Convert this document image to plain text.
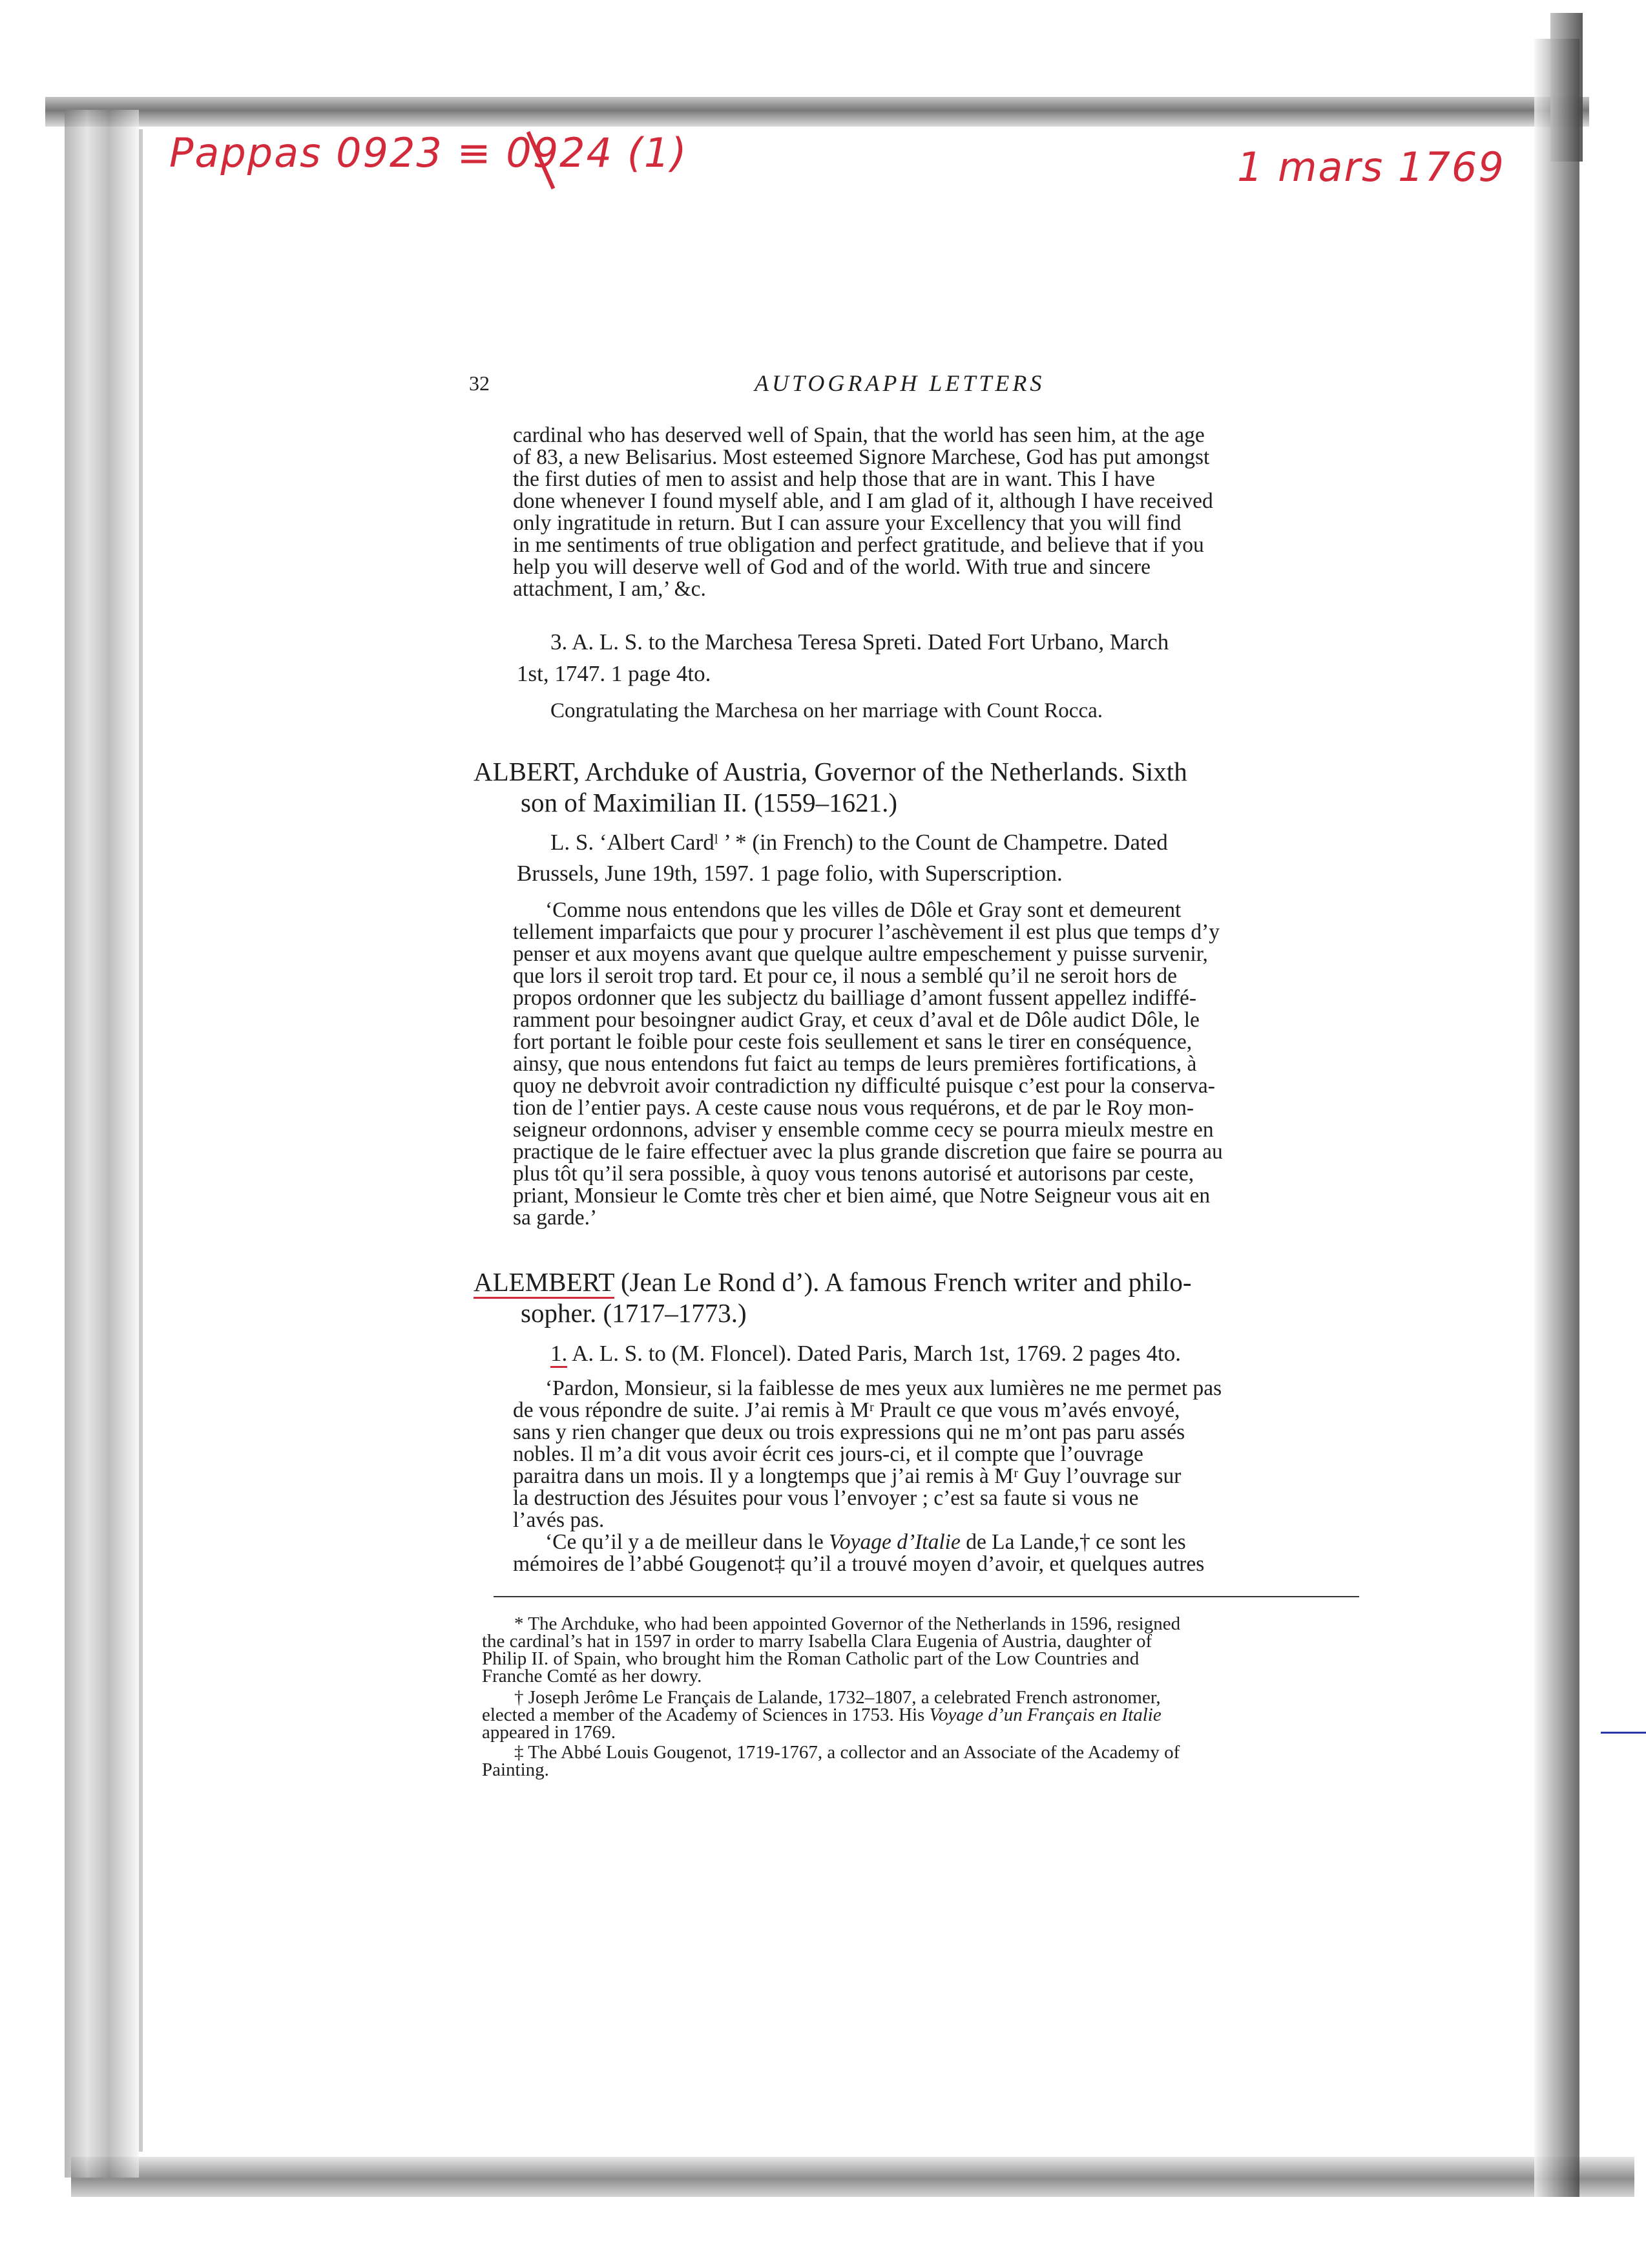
Pappas 0923 ≡ 0924 (1)	1 mars 1769
32	AUTOGRAPH LETTERS

cardinal who has deserved well of Spain, that the world has seen him, at the age

of 83, a new Belisarius. Most esteemed Signore Marchese, God has put amongst

the first duties of men to assist and help those that are in want. This I have

done whenever I found myself able, and I am glad of it, although I have received

only ingratitude in return. But I can assure your Excellency that you will find

in me sentiments of true obligation and perfect gratitude, and believe that if you

help you will deserve well of God and of the world. With true and sincere

attachment, I am,’ &c.

3. A. L. S. to the Marchesa Teresa Spreti. Dated Fort Urbano, March
1st, 1747. 1 page 4to.
Congratulating the Marchesa on her marriage with Count Rocca.
ALBERT, Archduke of Austria, Governor of the Netherlands. Sixth
son of Maximilian II. (1559–1621.)
L. S. ‘Albert Cardˡ ’ * (in French) to the Count de Champetre. Dated
Brussels, June 19th, 1597. 1 page folio, with Superscription.

‘Comme nous entendons que les villes de Dôle et Gray sont et demeurent

tellement imparfaicts que pour y procurer l’aschèvement il est plus que temps d’y

penser et aux moyens avant que quelque aultre empeschement y puisse survenir,

que lors il seroit trop tard. Et pour ce, il nous a semblé qu’il ne seroit hors de

propos ordonner que les subjectz du bailliage d’amont fussent appellez indiffé-

ramment pour besoingner audict Gray, et ceux d’aval et de Dôle audict Dôle, le

fort portant le foible pour ceste fois seullement et sans le tirer en conséquence,

ainsy, que nous entendons fut faict au temps de leurs premières fortifications, à

quoy ne debvroit avoir contradiction ny difficulté puisque c’est pour la conserva-

tion de l’entier pays. A ceste cause nous vous requérons, et de par le Roy mon-

seigneur ordonnons, adviser y ensemble comme cecy se pourra mieulx mestre en

practique de le faire effectuer avec la plus grande discretion que faire se pourra au

plus tôt qu’il sera possible, à quoy vous tenons autorisé et autorisons par ceste,

priant, Monsieur le Comte très cher et bien aimé, que Notre Seigneur vous ait en

sa garde.’

ALEMBERT (Jean Le Rond d’). A famous French writer and philo-
sopher. (1717–1773.)
1. A. L. S. to (M. Floncel). Dated Paris, March 1st, 1769. 2 pages 4to.

‘Pardon, Monsieur, si la faiblesse de mes yeux aux lumières ne me permet pas

de vous répondre de suite. J’ai remis à Mʳ Prault ce que vous m’avés envoyé,

sans y rien changer que deux ou trois expressions qui ne m’ont pas paru assés

nobles. Il m’a dit vous avoir écrit ces jours-ci, et il compte que l’ouvrage

paraitra dans un mois. Il y a longtemps que j’ai remis à Mʳ Guy l’ouvrage sur

la destruction des Jésuites pour vous l’envoyer ; c’est sa faute si vous ne

l’avés pas.

‘Ce qu’il y a de meilleur dans le Voyage d’Italie de La Lande,† ce sont les

mémoires de l’abbé Gougenot‡ qu’il a trouvé moyen d’avoir, et quelques autres

* The Archduke, who had been appointed Governor of the Netherlands in 1596, resigned

the cardinal’s hat in 1597 in order to marry Isabella Clara Eugenia of Austria, daughter of

Philip II. of Spain, who brought him the Roman Catholic part of the Low Countries and

Franche Comté as her dowry.

† Joseph Jerôme Le Français de Lalande, 1732–1807, a celebrated French astronomer,

elected a member of the Academy of Sciences in 1753. His Voyage d’un Français en Italie

appeared in 1769.

‡ The Abbé Louis Gougenot, 1719-1767, a collector and an Associate of the Academy of

Painting.
